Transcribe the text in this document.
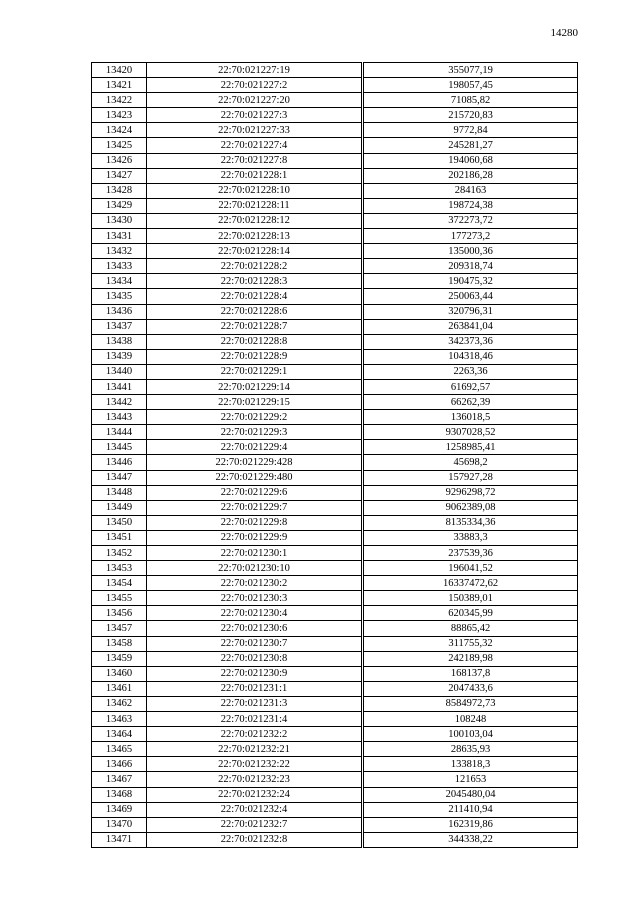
14280
13420	22:70:021227:19		355077,19
13421	22:70:021227:2		198057,45
13422	22:70:021227:20		71085,82
13423	22:70:021227:3		215720,83
13424	22:70:021227:33		9772,84
13425	22:70:021227:4		245281,27
13426	22:70:021227:8		194060,68
13427	22:70:021228:1		202186,28
13428	22:70:021228:10		284163
13429	22:70:021228:11		198724,38
13430	22:70:021228:12		372273,72
13431	22:70:021228:13		177273,2
13432	22:70:021228:14		135000,36
13433	22:70:021228:2		209318,74
13434	22:70:021228:3		190475,32
13435	22:70:021228:4		250063,44
13436	22:70:021228:6		320796,31
13437	22:70:021228:7		263841,04
13438	22:70:021228:8		342373,36
13439	22:70:021228:9		104318,46
13440	22:70:021229:1		2263,36
13441	22:70:021229:14		61692,57
13442	22:70:021229:15		66262,39
13443	22:70:021229:2		136018,5
13444	22:70:021229:3		9307028,52
13445	22:70:021229:4		1258985,41
13446	22:70:021229:428		45698,2
13447	22:70:021229:480		157927,28
13448	22:70:021229:6		9296298,72
13449	22:70:021229:7		9062389,08
13450	22:70:021229:8		8135334,36
13451	22:70:021229:9		33883,3
13452	22:70:021230:1		237539,36
13453	22:70:021230:10		196041,52
13454	22:70:021230:2		16337472,62
13455	22:70:021230:3		150389,01
13456	22:70:021230:4		620345,99
13457	22:70:021230:6		88865,42
13458	22:70:021230:7		311755,32
13459	22:70:021230:8		242189,98
13460	22:70:021230:9		168137,8
13461	22:70:021231:1		2047433,6
13462	22:70:021231:3		8584972,73
13463	22:70:021231:4		108248
13464	22:70:021232:2		100103,04
13465	22:70:021232:21		28635,93
13466	22:70:021232:22		133818,3
13467	22:70:021232:23		121653
13468	22:70:021232:24		2045480,04
13469	22:70:021232:4		211410,94
13470	22:70:021232:7		162319,86
13471	22:70:021232:8		344338,22
